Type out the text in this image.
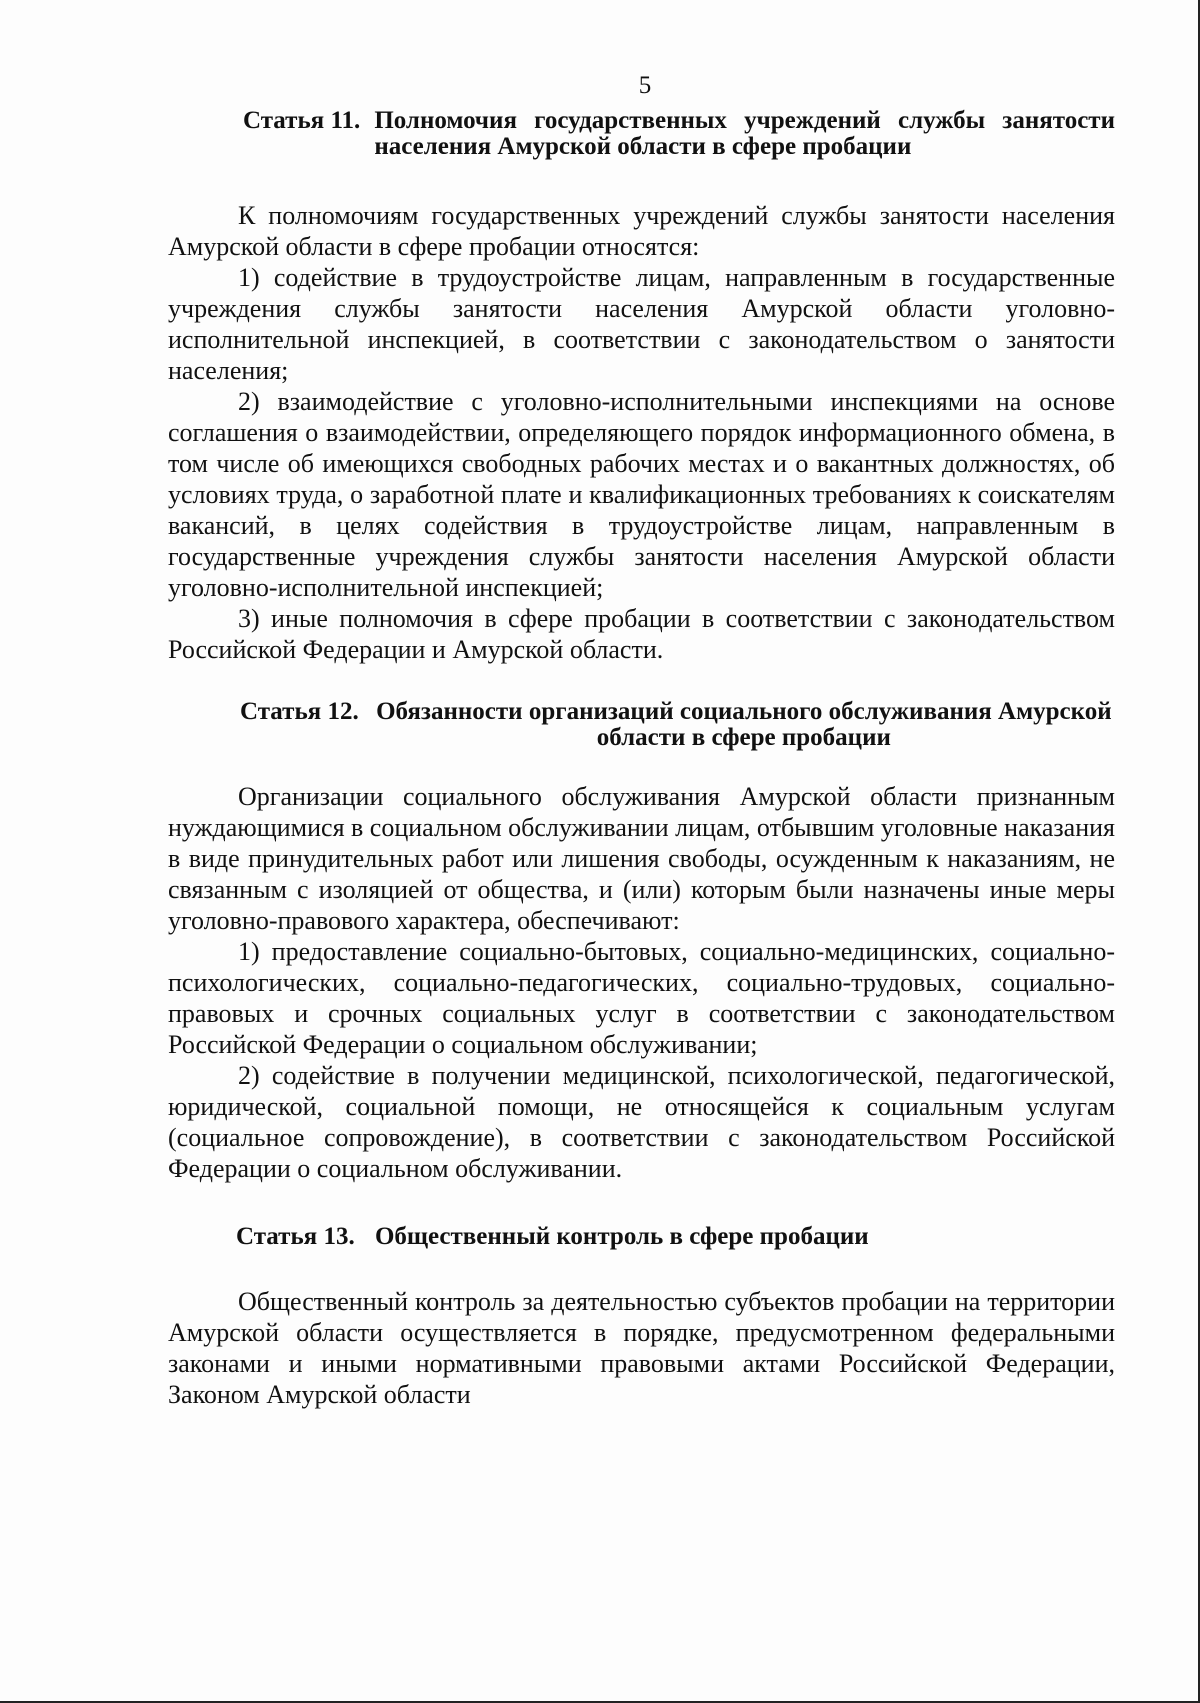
5
Статья 11. Полномочия государственных учреждений службы занятости населения Амурской области в сфере пробации

К полномочиям государственных учреждений службы занятости населения Амурской области в сфере пробации относятся:

1) содействие в трудоустройстве лицам, направленным в государственные учреждения службы занятости населения Амурской области уголовно-исполнительной инспекцией, в соответствии с законодательством о занятости населения;

2) взаимодействие с уголовно-исполнительными инспекциями на основе соглашения о взаимодействии, определяющего порядок информационного обмена, в том числе об имеющихся свободных рабочих местах и о вакантных должностях, об условиях труда, о заработной плате и квалификационных требованиях к соискателям вакансий, в целях содействия в трудоустройстве лицам, направленным в государственные учреждения службы занятости населения Амурской области уголовно-исполнительной инспекцией;

3) иные полномочия в сфере пробации в соответствии с законодательством Российской Федерации и Амурской области.

Статья 12. Обязанности организаций социального обслуживания Амурской области в сфере пробации

Организации социального обслуживания Амурской области признанным нуждающимися в социальном обслуживании лицам, отбывшим уголовные наказания в виде принудительных работ или лишения свободы, осужденным к наказаниям, не связанным с изоляцией от общества, и (или) которым были назначены иные меры уголовно-правового характера, обеспечивают:

1) предоставление социально-бытовых, социально-медицинских, социально-психологических, социально-педагогических, социально-трудовых, социально-правовых и срочных социальных услуг в соответствии с законодательством Российской Федерации о социальном обслуживании;

2) содействие в получении медицинской, психологической, педагогической, юридической, социальной помощи, не относящейся к социальным услугам (социальное сопровождение), в соответствии с законодательством Российской Федерации о социальном обслуживании.

Статья 13. Общественный контроль в сфере пробации

Общественный контроль за деятельностью субъектов пробации на территории Амурской области осуществляется в порядке, предусмотренном федеральными законами и иными нормативными правовыми актами Российской Федерации, Законом Амурской области
